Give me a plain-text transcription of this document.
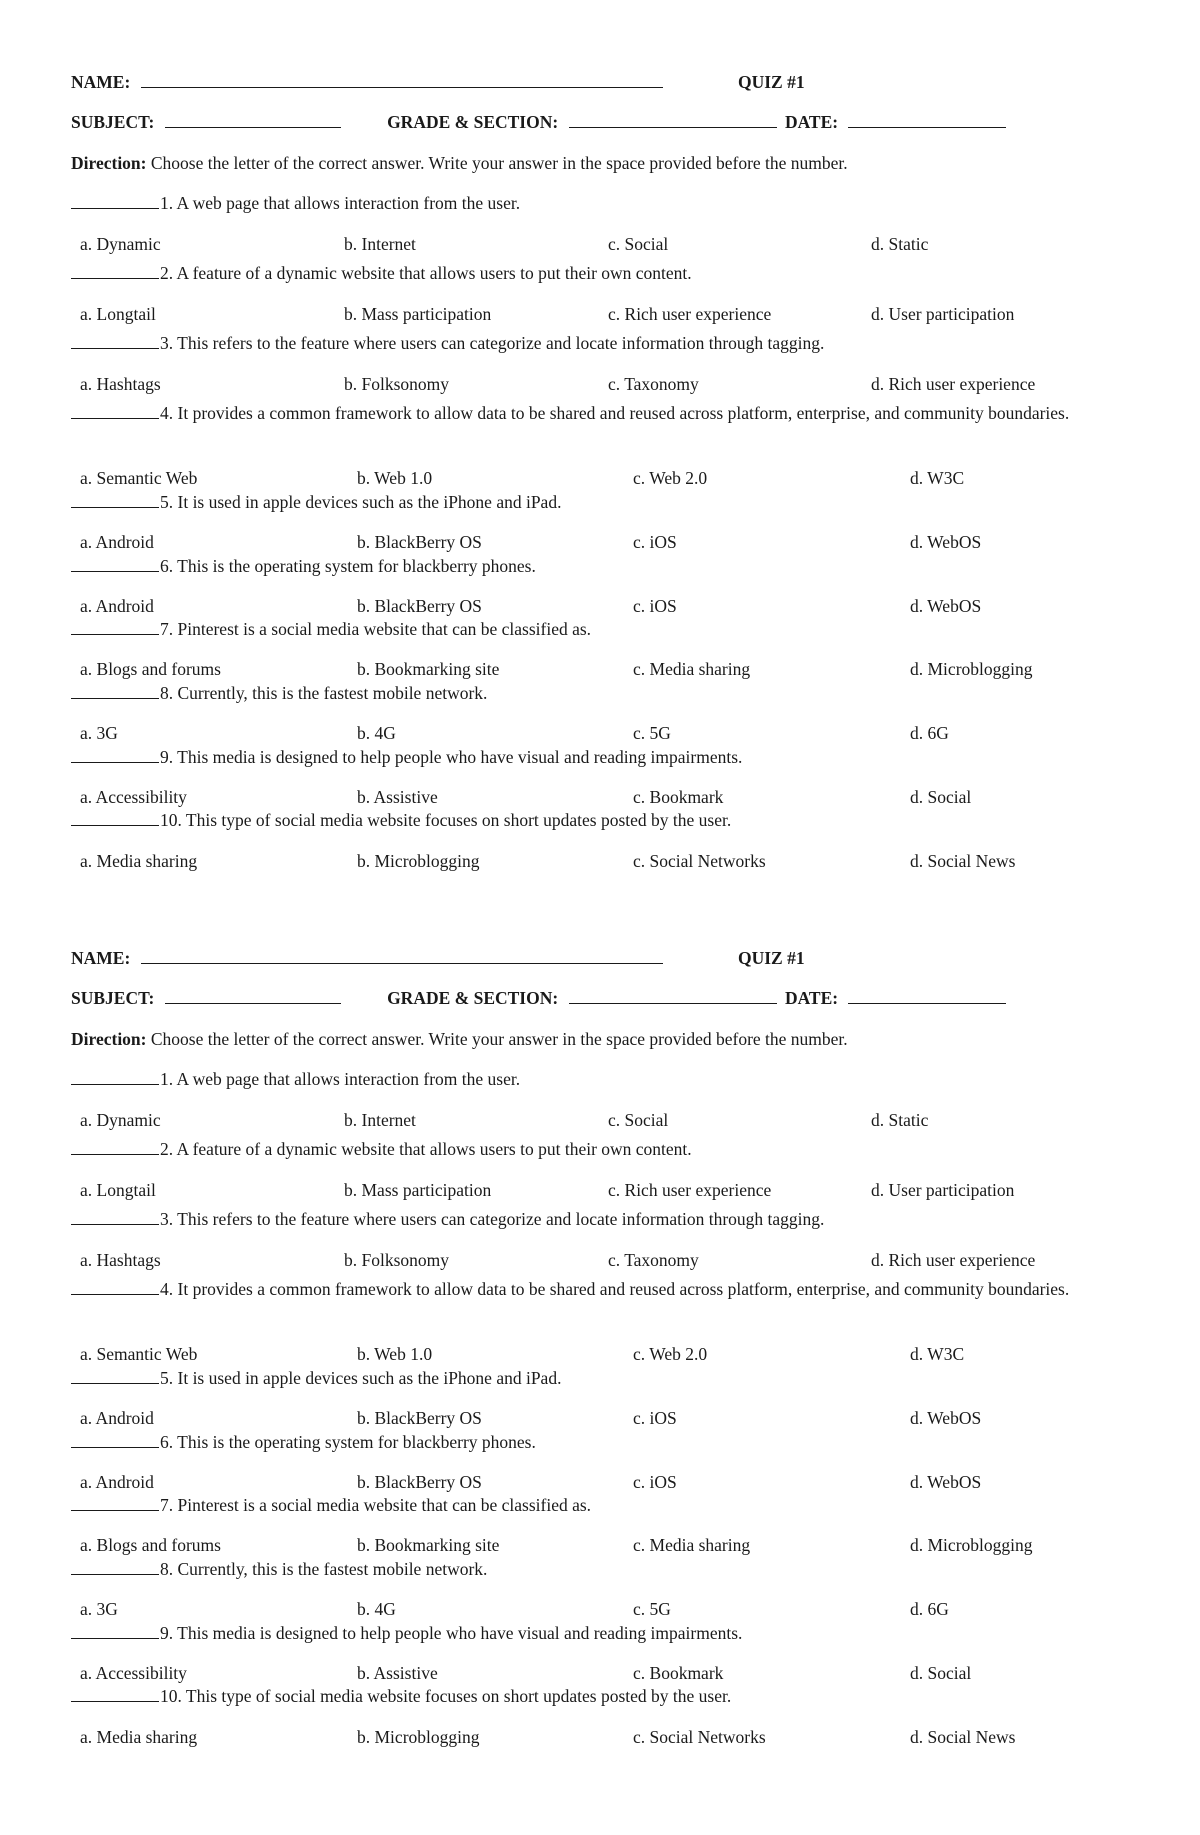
NAME:	QUIZ #1
SUBJECT:	GRADE & SECTION:	DATE:
Direction: Choose the letter of the correct answer. Write your answer in the space provided before the number.
1. A web page that allows interaction from the user.
a. Dynamic	b. Internet	c. Social	d. Static
2. A feature of a dynamic website that allows users to put their own content.
a. Longtail	b. Mass participation	c. Rich user experience	d. User participation
3. This refers to the feature where users can categorize and locate information through tagging.
a. Hashtags	b. Folksonomy	c. Taxonomy	d. Rich user experience
4. It provides a common framework to allow data to be shared and reused across platform, enterprise, and community boundaries.
a. Semantic Web	b. Web 1.0	c. Web 2.0	d. W3C
5. It is used in apple devices such as the iPhone and iPad.
a. Android	b. BlackBerry OS	c. iOS	d. WebOS
6. This is the operating system for blackberry phones.
a. Android	b. BlackBerry OS	c. iOS	d. WebOS
7. Pinterest is a social media website that can be classified as.
a. Blogs and forums	b. Bookmarking site	c. Media sharing	d. Microblogging
8. Currently, this is the fastest mobile network.
a. 3G	b. 4G	c. 5G	d. 6G
9. This media is designed to help people who have visual and reading impairments.
a. Accessibility	b. Assistive	c. Bookmark	d. Social
10. This type of social media website focuses on short updates posted by the user.
a. Media sharing	b. Microblogging	c. Social Networks	d. Social News
NAME:	QUIZ #1
SUBJECT:	GRADE & SECTION:	DATE:
Direction: Choose the letter of the correct answer. Write your answer in the space provided before the number.
1. A web page that allows interaction from the user.
a. Dynamic	b. Internet	c. Social	d. Static
2. A feature of a dynamic website that allows users to put their own content.
a. Longtail	b. Mass participation	c. Rich user experience	d. User participation
3. This refers to the feature where users can categorize and locate information through tagging.
a. Hashtags	b. Folksonomy	c. Taxonomy	d. Rich user experience
4. It provides a common framework to allow data to be shared and reused across platform, enterprise, and community boundaries.
a. Semantic Web	b. Web 1.0	c. Web 2.0	d. W3C
5. It is used in apple devices such as the iPhone and iPad.
a. Android	b. BlackBerry OS	c. iOS	d. WebOS
6. This is the operating system for blackberry phones.
a. Android	b. BlackBerry OS	c. iOS	d. WebOS
7. Pinterest is a social media website that can be classified as.
a. Blogs and forums	b. Bookmarking site	c. Media sharing	d. Microblogging
8. Currently, this is the fastest mobile network.
a. 3G	b. 4G	c. 5G	d. 6G
9. This media is designed to help people who have visual and reading impairments.
a. Accessibility	b. Assistive	c. Bookmark	d. Social
10. This type of social media website focuses on short updates posted by the user.
a. Media sharing	b. Microblogging	c. Social Networks	d. Social News
